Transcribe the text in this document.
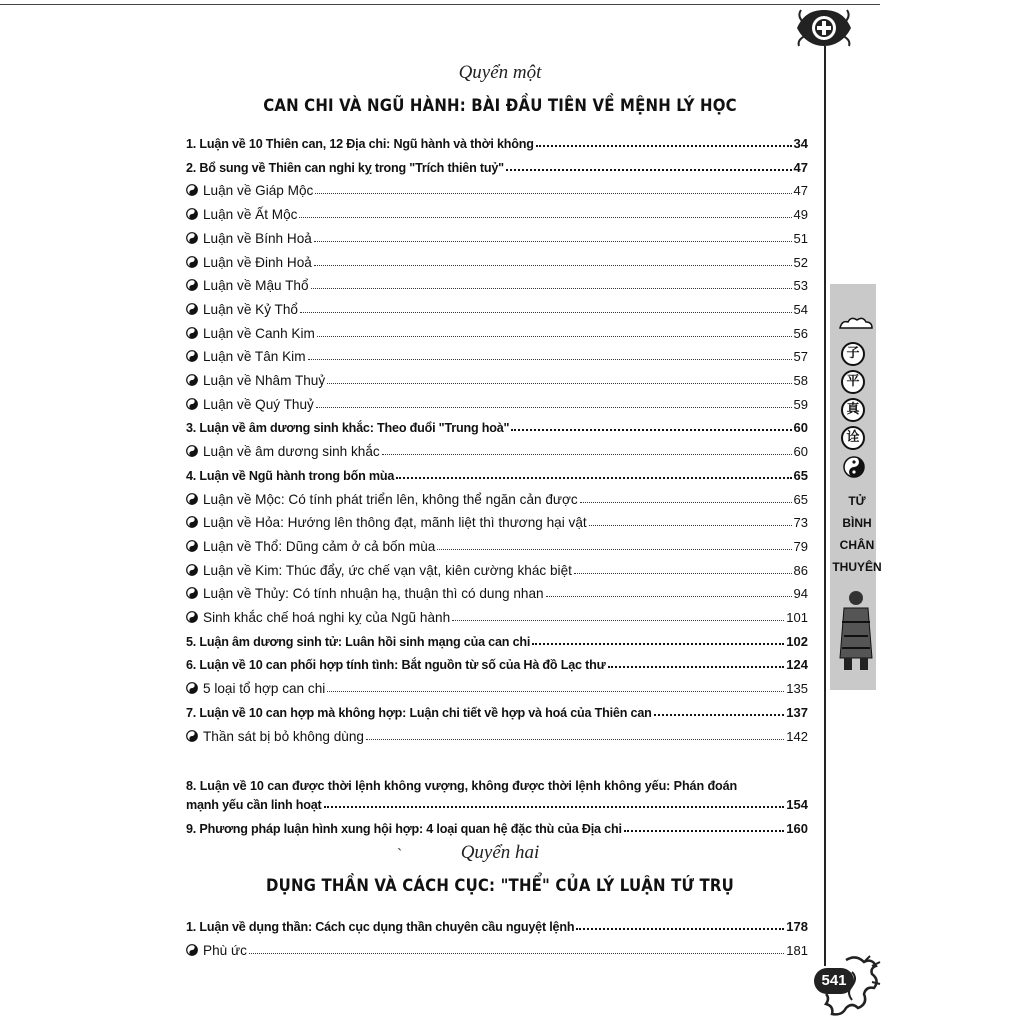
Quyển một
CAN CHI VÀ NGŨ HÀNH: BÀI ĐẦU TIÊN VỀ MỆNH LÝ HỌC
1. Luận về 10 Thiên can, 12 Địa chi: Ngũ hành và thời không	34
2. Bổ sung về Thiên can nghi kỵ trong "Trích thiên tuỷ"	47
Luận về Giáp Mộc	47
Luận về Ất Mộc	49
Luận về Bính Hoả	51
Luận về Đinh Hoả	52
Luận về Mậu Thổ	53
Luận về Kỷ Thổ	54
Luận về Canh Kim	56
Luận về Tân Kim	57
Luận về Nhâm Thuỷ	58
Luận về Quý Thuỷ	59
3. Luận về âm dương sinh khắc: Theo đuổi "Trung hoà"	60
Luận về âm dương sinh khắc	60
4. Luận về Ngũ hành trong bốn mùa	65
Luận về Mộc: Có tính phát triển lên, không thể ngăn cản được	65
Luận về Hỏa: Hướng lên thông đạt, mãnh liệt thì thương hại vật	73
Luận về Thổ: Dũng cảm ở cả bốn mùa	79
Luận về Kim: Thúc đẩy, ức chế vạn vật, kiên cường khác biệt	86
Luận về Thủy: Có tính nhuận hạ, thuận thì có dung nhan	94
Sinh khắc chế hoá nghi kỵ của Ngũ hành	101
5. Luận âm dương sinh tử: Luân hồi sinh mạng của can chi	102
6. Luận về 10 can phối hợp tính tình: Bắt nguồn từ số của Hà đồ Lạc thư	124
5 loại tổ hợp can chi	135
7. Luận về 10 can hợp mà không hợp: Luận chi tiết về hợp và hoá của Thiên can	137
Thần sát bị bỏ không dùng	142
8. Luận về 10 can được thời lệnh không vượng, không được thời lệnh không yếu: Phán đoán
mạnh yếu cần linh hoạt	154
9. Phương pháp luận hình xung hội hợp: 4 loại quan hệ đặc thù của Địa chi	160
`	Quyển hai
DỤNG THẦN VÀ CÁCH CỤC: "THỂ" CỦA LÝ LUẬN TỨ TRỤ
1. Luận về dụng thần: Cách cục dụng thần chuyên cầu nguyệt lệnh	178
Phù ức	181
子
平
真
诠
TỬ
BÌNH
CHÂN
THUYÊN
541
